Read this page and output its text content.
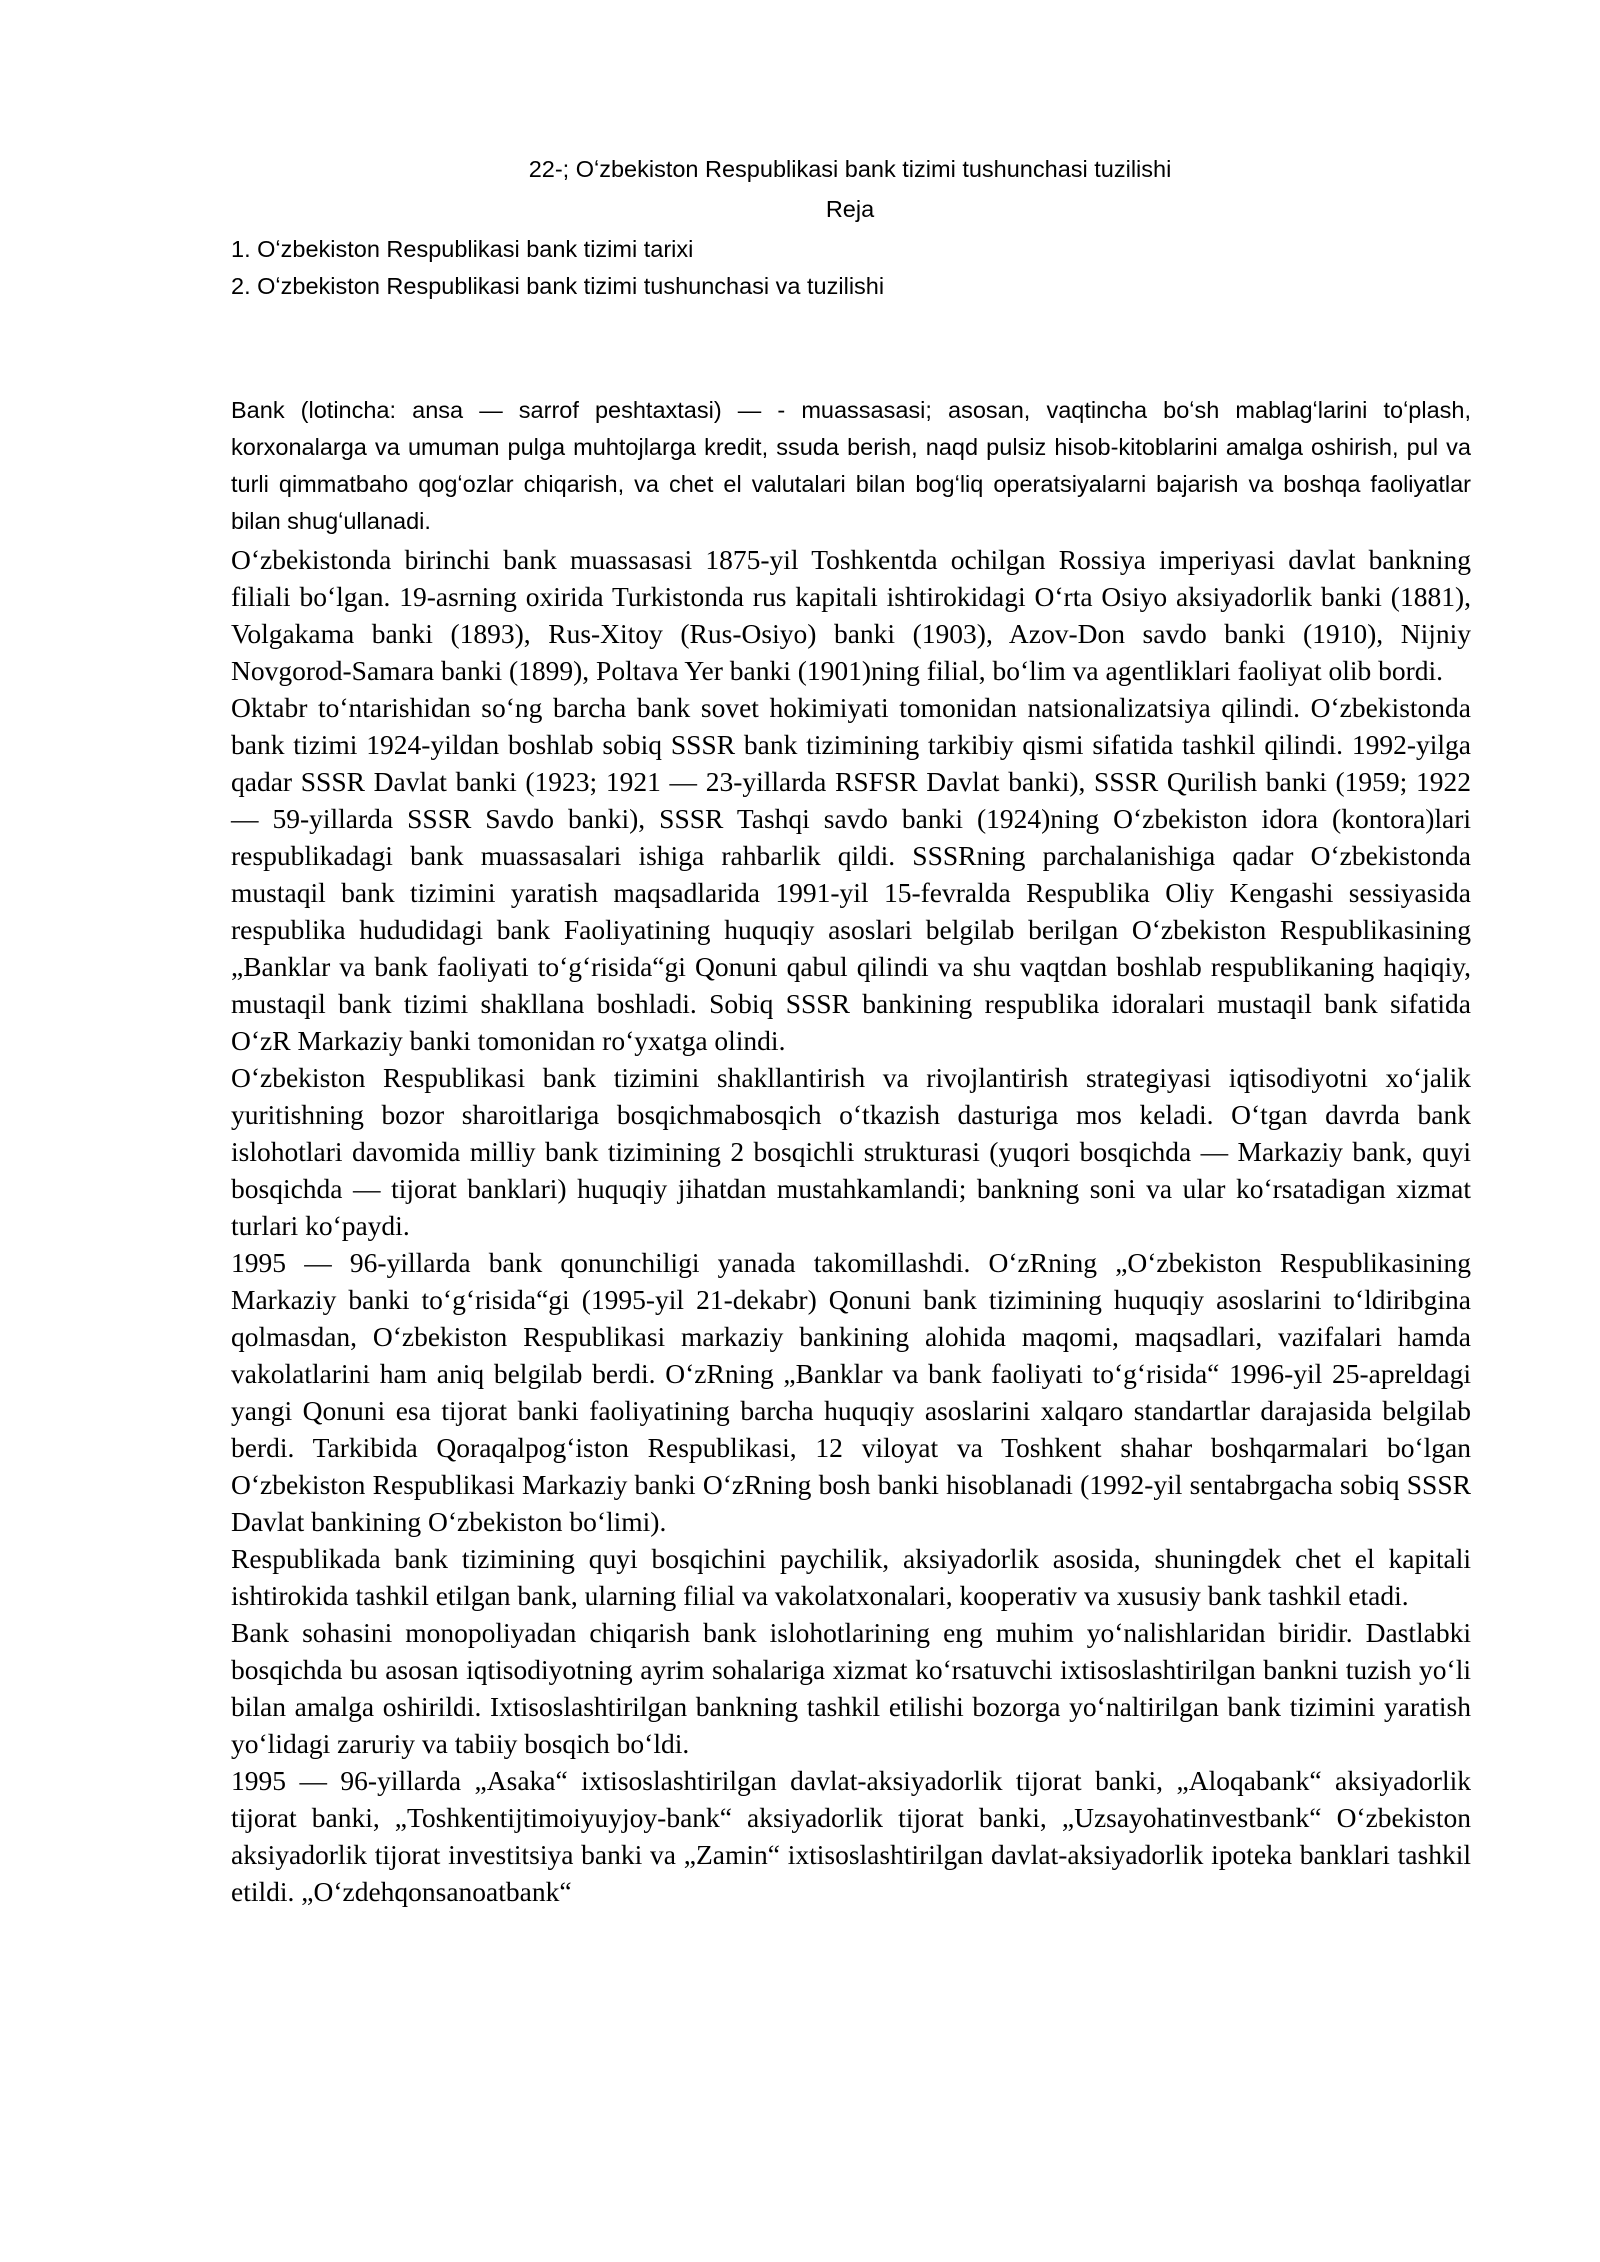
22-; Oʻzbekiston Respublikasi bank tizimi tushunchasi tuzilishi
Reja
1. Oʻzbekiston Respublikasi bank tizimi tarixi
2. Oʻzbekiston Respublikasi bank tizimi tushunchasi va tuzilishi
Bank (lotincha: ansa — sarrof peshtaxtasi) — - muassasasi; asosan, vaqtincha boʻsh mablagʻlarini toʻplash, korxonalarga va umuman pulga muhtojlarga kredit, ssuda berish, naqd pulsiz hisob-kitoblarini amalga oshirish, pul va turli qimmatbaho qogʻozlar chiqarish, va chet el valutalari bilan bogʻliq operatsiyalarni bajarish va boshqa faoliyatlar bilan shugʻullanadi.

Oʻzbekistonda birinchi bank muassasasi 1875-yil Toshkentda ochilgan Rossiya imperiyasi davlat bankning filiali boʻlgan. 19-asrning oxirida Turkistonda rus kapitali ishtirokidagi Oʻrta Osiyo aksiyadorlik banki (1881), Volgakama banki (1893), Rus-Xitoy (Rus-Osiyo) banki (1903), Azov-Don savdo banki (1910), Nijniy Novgorod-Samara banki (1899), Poltava Yer banki (1901)ning filial, boʻlim va agentliklari faoliyat olib bordi.

Oktabr toʻntarishidan soʻng barcha bank sovet hokimiyati tomonidan natsionalizatsiya qilindi. Oʻzbekistonda bank tizimi 1924-yildan boshlab sobiq SSSR bank tizimining tarkibiy qismi sifatida tashkil qilindi. 1992-yilga qadar SSSR Davlat banki (1923; 1921 — 23-yillarda RSFSR Davlat banki), SSSR Qurilish banki (1959; 1922 — 59-yillarda SSSR Savdo banki), SSSR Tashqi savdo banki (1924)ning Oʻzbekiston idora (kontora)lari respublikadagi bank muassasalari ishiga rahbarlik qildi. SSSRning parchalanishiga qadar Oʻzbekistonda mustaqil bank tizimini yaratish maqsadlarida 1991-yil 15-fevralda Respublika Oliy Kengashi sessiyasida respublika hududidagi bank Faoliyatining huquqiy asoslari belgilab berilgan Oʻzbekiston Respublikasining „Banklar va bank faoliyati toʻgʻrisida“gi Qonuni qabul qilindi va shu vaqtdan boshlab respublikaning haqiqiy, mustaqil bank tizimi shakllana boshladi. Sobiq SSSR bankining respublika idoralari mustaqil bank sifatida OʻzR Markaziy banki tomonidan roʻyxatga olindi.

Oʻzbekiston Respublikasi bank tizimini shakllantirish va rivojlantirish strategiyasi iqtisodiyotni xoʻjalik yuritishning bozor sharoitlariga bosqichmabosqich oʻtkazish dasturiga mos keladi. Oʻtgan davrda bank islohotlari davomida milliy bank tizimining 2 bosqichli strukturasi (yuqori bosqichda — Markaziy bank, quyi bosqichda — tijorat banklari) huquqiy jihatdan mustahkamlandi; bankning soni va ular koʻrsatadigan xizmat turlari koʻpaydi.

1995 — 96-yillarda bank qonunchiligi yanada takomillashdi. OʻzRning „Oʻzbekiston Respublikasining Markaziy banki toʻgʻrisida“gi (1995-yil 21-dekabr) Qonuni bank tizimining huquqiy asoslarini toʻldiribgina qolmasdan, Oʻzbekiston Respublikasi markaziy bankining alohida maqomi, maqsadlari, vazifalari hamda vakolatlarini ham aniq belgilab berdi. OʻzRning „Banklar va bank faoliyati toʻgʻrisida“ 1996-yil 25-apreldagi yangi Qonuni esa tijorat banki faoliyatining barcha huquqiy asoslarini xalqaro standartlar darajasida belgilab berdi. Tarkibida Qoraqalpogʻiston Respublikasi, 12 viloyat va Toshkent shahar boshqarmalari boʻlgan Oʻzbekiston Respublikasi Markaziy banki OʻzRning bosh banki hisoblanadi (1992-yil sentabrgacha sobiq SSSR Davlat bankining Oʻzbekiston boʻlimi).

Respublikada bank tizimining quyi bosqichini paychilik, aksiyadorlik asosida, shuningdek chet el kapitali ishtirokida tashkil etilgan bank, ularning filial va vakolatxonalari, kooperativ va xususiy bank tashkil etadi.

Bank sohasini monopoliyadan chiqarish bank islohotlarining eng muhim yoʻnalishlaridan biridir. Dastlabki bosqichda bu asosan iqtisodiyotning ayrim sohalariga xizmat koʻrsatuvchi ixtisoslashtirilgan bankni tuzish yoʻli bilan amalga oshirildi. Ixtisoslashtirilgan bankning tashkil etilishi bozorga yoʻnaltirilgan bank tizimini yaratish yoʻlidagi zaruriy va tabiiy bosqich boʻldi.

1995 — 96-yillarda „Asaka“ ixtisoslashtirilgan davlat-aksiyadorlik tijorat banki, „Aloqabank“ aksiyadorlik tijorat banki, „Toshkentijtimoiyuyjoy-bank“ aksiyadorlik tijorat banki, „Uzsayohatinvestbank“ Oʻzbekiston aksiyadorlik tijorat investitsiya banki va „Zamin“ ixtisoslashtirilgan davlat-aksiyadorlik ipoteka banklari tashkil etildi. „Oʻzdehqonsanoatbank“
